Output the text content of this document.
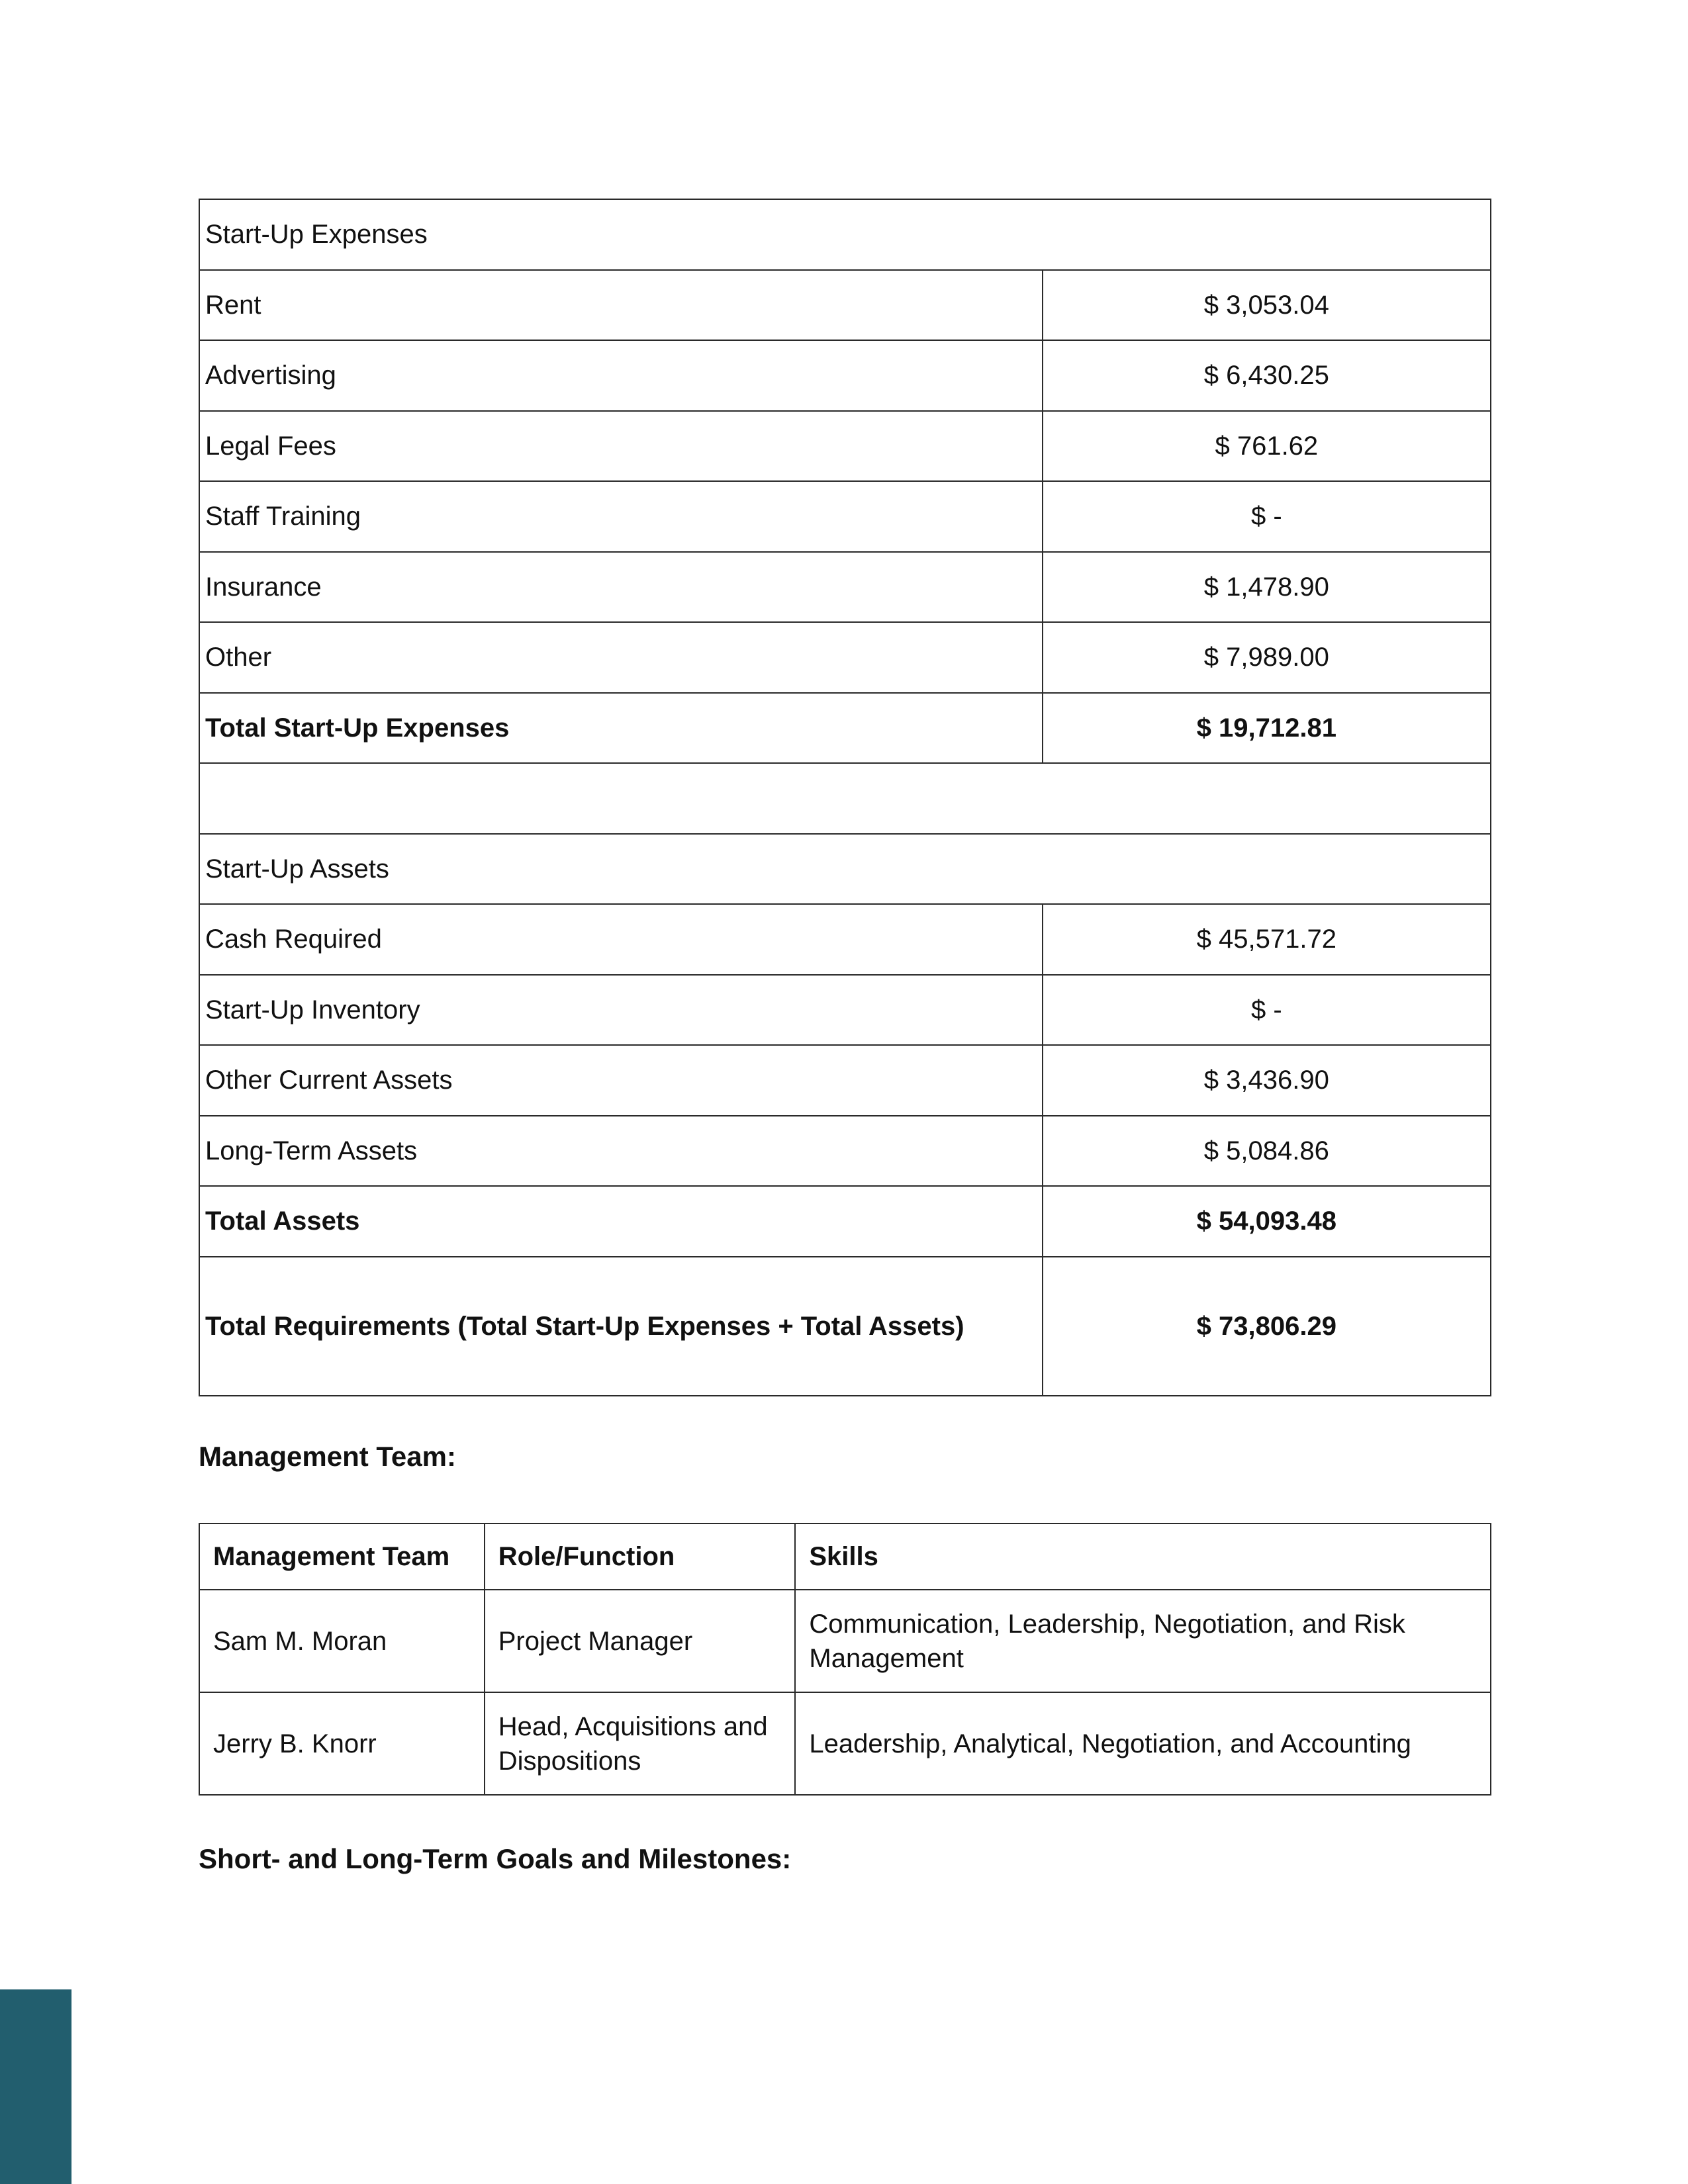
Start-Up Expenses	
Rent	$ 3,053.04
Advertising	$ 6,430.25
Legal Fees	$ 761.62
Staff Training	$ -
Insurance	$ 1,478.90
Other	$ 7,989.00
Total Start-Up Expenses	$ 19,712.81

Start-Up Assets	
Cash Required	$ 45,571.72
Start-Up Inventory	$ -
Other Current Assets	$ 3,436.90
Long-Term Assets	$ 5,084.86
Total Assets	$ 54,093.48
Total Requirements (Total Start-Up Expenses + Total Assets)	$ 73,806.29
Management Team:
Management Team	Role/Function	Skills
Sam M. Moran	Project Manager	Communication, Leadership, Negotiation, and Risk Management
Jerry B. Knorr	Head, Acquisitions and Dispositions	Leadership, Analytical, Negotiation, and Accounting
Short- and Long-Term Goals and Milestones:
